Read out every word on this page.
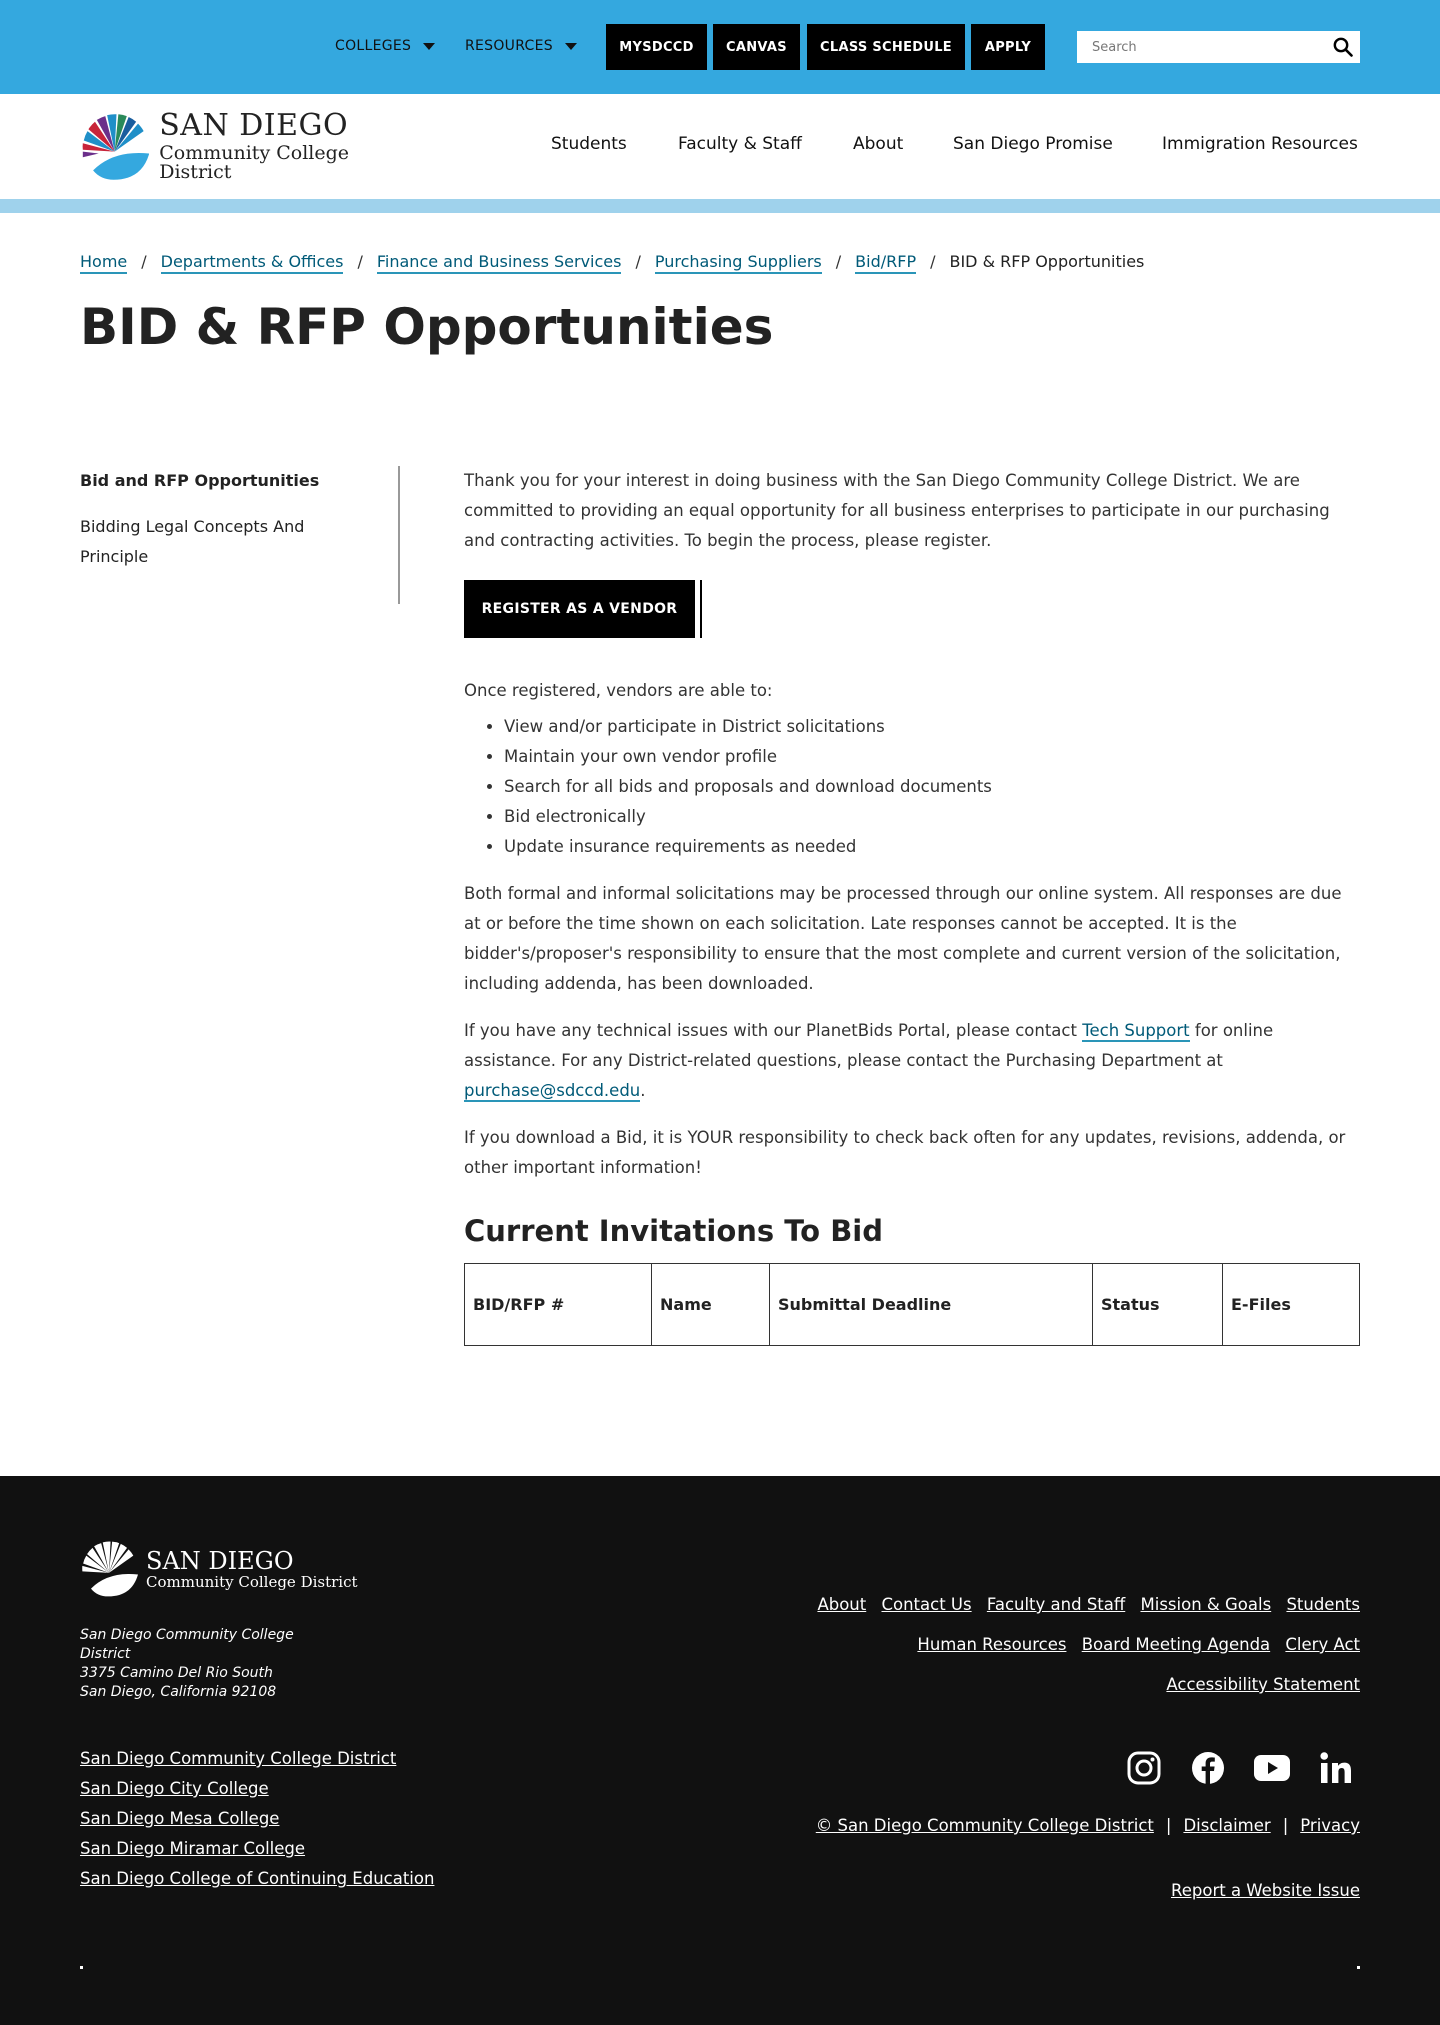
COLLEGES	RESOURCES	MYSDCCD	CANVAS	CLASS SCHEDULE	APPLY
Search
SAN DIEGO
Community College District
Students	Faculty & Staff	About	San Diego Promise	Immigration Resources
Home / Departments & Offices / Finance and Business Services / Purchasing Suppliers / Bid/RFP / BID & RFP Opportunities
BID & RFP Opportunities
Bid and RFP Opportunities
Bidding Legal Concepts And Principle

Thank you for your interest in doing business with the San Diego Community College District. We are committed to providing an equal opportunity for all business enterprises to participate in our purchasing and contracting activities. To begin the process, please register.

REGISTER AS A VENDOR

Once registered, vendors are able to:

• View and/or participate in District solicitations
• Maintain your own vendor profile
• Search for all bids and proposals and download documents
• Bid electronically
• Update insurance requirements as needed

Both formal and informal solicitations may be processed through our online system. All responses are due at or before the time shown on each solicitation. Late responses cannot be accepted. It is the bidder's/proposer's responsibility to ensure that the most complete and current version of the solicitation, including addenda, has been downloaded.

If you have any technical issues with our PlanetBids Portal, please contact Tech Support for online assistance. For any District-related questions, please contact the Purchasing Department at purchase@sdccd.edu.

If you download a Bid, it is YOUR responsibility to check back often for any updates, revisions, addenda, or other important information!

Current Invitations To Bid
BID/RFP #	Name	Submittal Deadline	Status	E-Files
SAN DIEGO
Community College District
San Diego Community College District
3375 Camino Del Rio South
San Diego, California 92108
San Diego Community College District
San Diego City College
San Diego Mesa College
San Diego Miramar College
San Diego College of Continuing Education
About Contact Us Faculty and Staff Mission & Goals Students
Human Resources Board Meeting Agenda Clery Act
Accessibility Statement
© San Diego Community College District | Disclaimer | Privacy
Report a Website Issue
